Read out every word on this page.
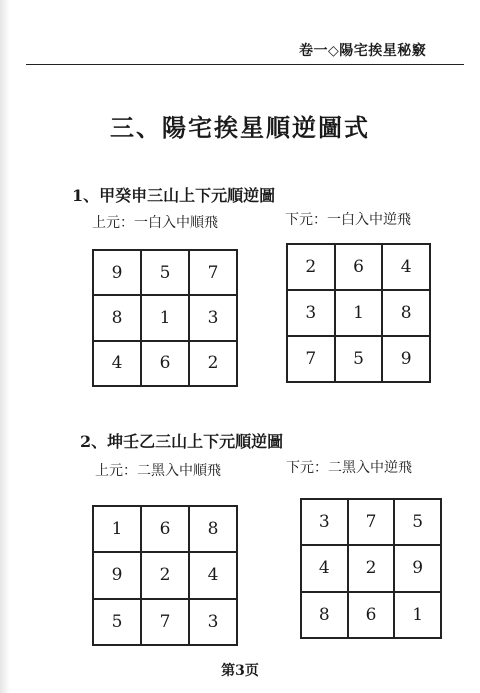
卷一◇陽宅挨星秘竅
三、陽宅挨星順逆圖式
1、甲癸申三山上下元順逆圖
上元：一白入中順飛	下元：一白入中逆飛
9	5	7
8	1	3
4	6	2
2	6	4
3	1	8
7	5	9
2、坤壬乙三山上下元順逆圖
上元：二黑入中順飛	下元：二黑入中逆飛
1	6	8
9	2	4
5	7	3
3	7	5
4	2	9
8	6	1
第3页
